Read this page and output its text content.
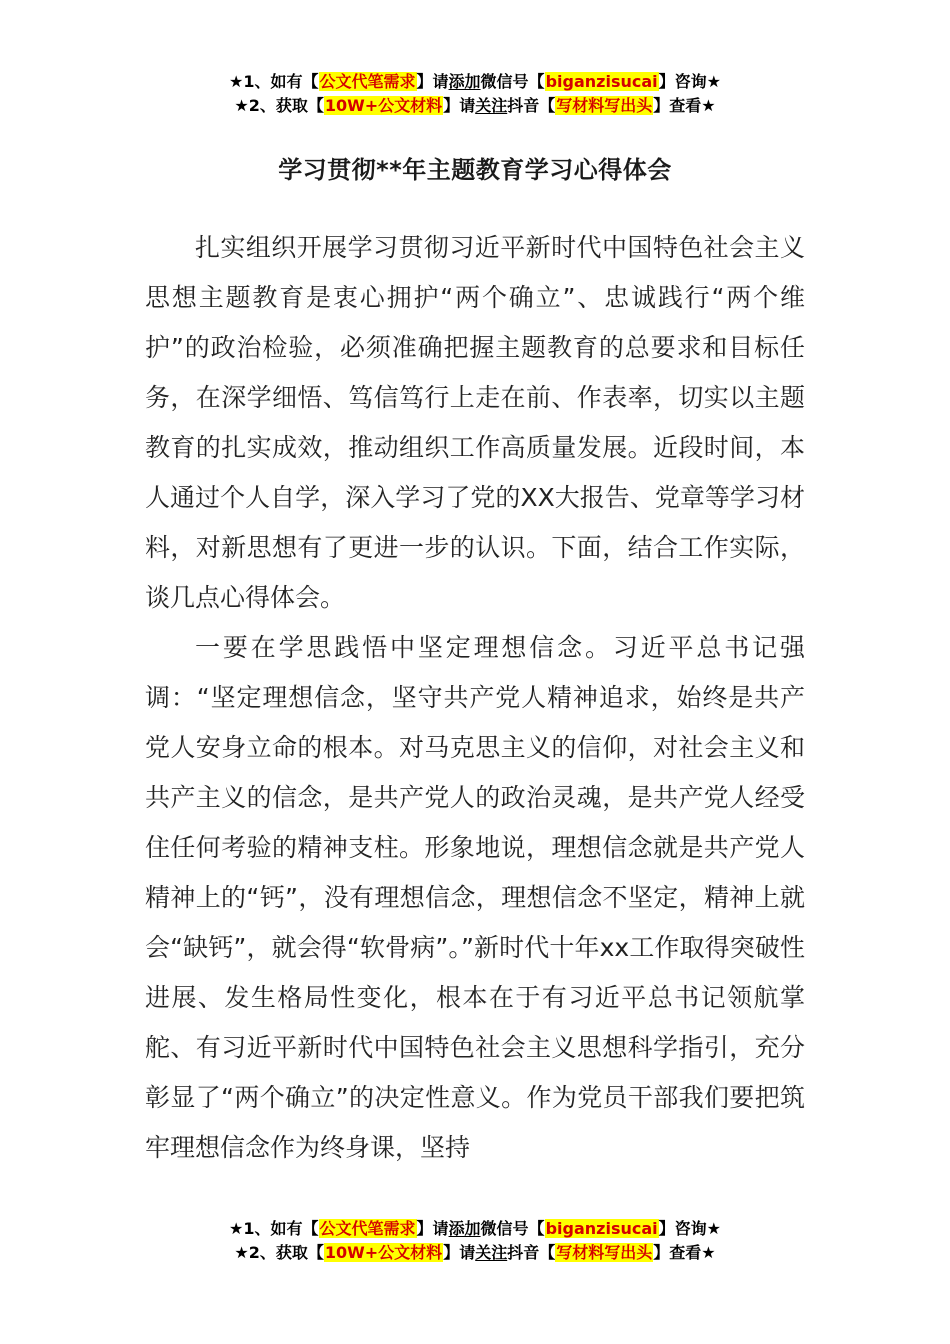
★1、如有【公文代笔需求】请添加微信号【biganzisucai】咨询★
★2、获取【10W+公文材料】请关注抖音【写材料写出头】查看★
学习贯彻**年主题教育学习心得体会

扎实组织开展学习贯彻习近平新时代中国特色社会主义思想主题教育是衷心拥护“两个确立”、忠诚践行“两个维护”的政治检验，必须准确把握主题教育的总要求和目标任务，在深学细悟、笃信笃行上走在前、作表率，切实以主题教育的扎实成效，推动组织工作高质量发展。近段时间，本人通过个人自学，深入学习了党的XX大报告、党章等学习材料，对新思想有了更进一步的认识。下面，结合工作实际，谈几点心得体会。

一要在学思践悟中坚定理想信念。习近平总书记强调：“坚定理想信念，坚守共产党人精神追求，始终是共产党人安身立命的根本。对马克思主义的信仰，对社会主义和共产主义的信念，是共产党人的政治灵魂，是共产党人经受住任何考验的精神支柱。形象地说，理想信念就是共产党人精神上的“钙”，没有理想信念，理想信念不坚定，精神上就会“缺钙”，就会得“软骨病”。”新时代十年xx工作取得突破性进展、发生格局性变化，根本在于有习近平总书记领航掌舵、有习近平新时代中国特色社会主义思想科学指引，充分彰显了“两个确立”的决定性意义。作为党员干部我们要把筑牢理想信念作为终身课，坚持

★1、如有【公文代笔需求】请添加微信号【biganzisucai】咨询★
★2、获取【10W+公文材料】请关注抖音【写材料写出头】查看★
